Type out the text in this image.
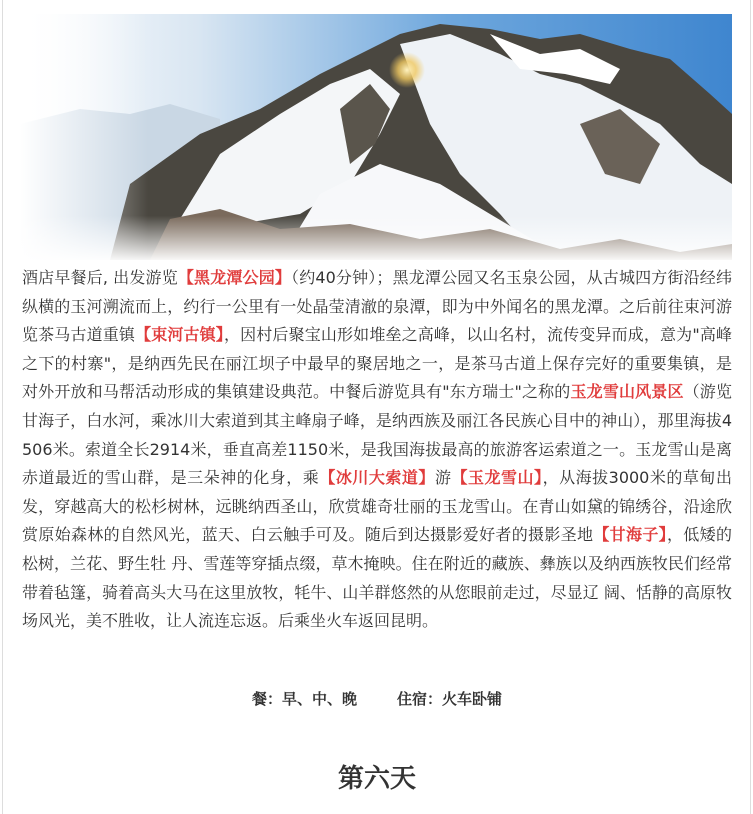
酒店早餐后, 出发游览【黑龙潭公园】（约40分钟）；黑龙潭公园又名玉泉公园，从古城四方街沿经纬纵横的玉河溯流而上，约行一公里有一处晶莹清澈的泉潭，即为中外闻名的黑龙潭。之后前往束河游览茶马古道重镇【束河古镇】，因村后聚宝山形如堆垒之高峰，以山名村，流传变异而成，意为"高峰之下的村寨"，是纳西先民在丽江坝子中最早的聚居地之一，是茶马古道上保存完好的重要集镇，是对外开放和马帮活动形成的集镇建设典范。中餐后游览具有"东方瑞士"之称的玉龙雪山风景区（游览甘海子，白水河，乘冰川大索道到其主峰扇子峰，是纳西族及丽江各民族心目中的神山），那里海拔4506米。索道全长2914米，垂直高差1150米，是我国海拔最高的旅游客运索道之一。玉龙雪山是离赤道最近的雪山群，是三朵神的化身，乘【冰川大索道】游【玉龙雪山】，从海拔3000米的草甸出发，穿越高大的松杉树林，远眺纳西圣山，欣赏雄奇壮丽的玉龙雪山。在青山如黛的锦绣谷，沿途欣赏原始森林的自然风光，蓝天、白云触手可及。随后到达摄影爱好者的摄影圣地【甘海子】，低矮的松树，兰花、野生牡 丹、雪莲等穿插点缀，草木掩映。住在附近的藏族、彝族以及纳西族牧民们经常带着毡篷，骑着高头大马在这里放牧，牦牛、山羊群悠然的从您眼前走过，尽显辽 阔、恬静的高原牧场风光，美不胜收，让人流连忘返。后乘坐火车返回昆明。

餐：早、中、晚	住宿：火车卧铺
第六天
